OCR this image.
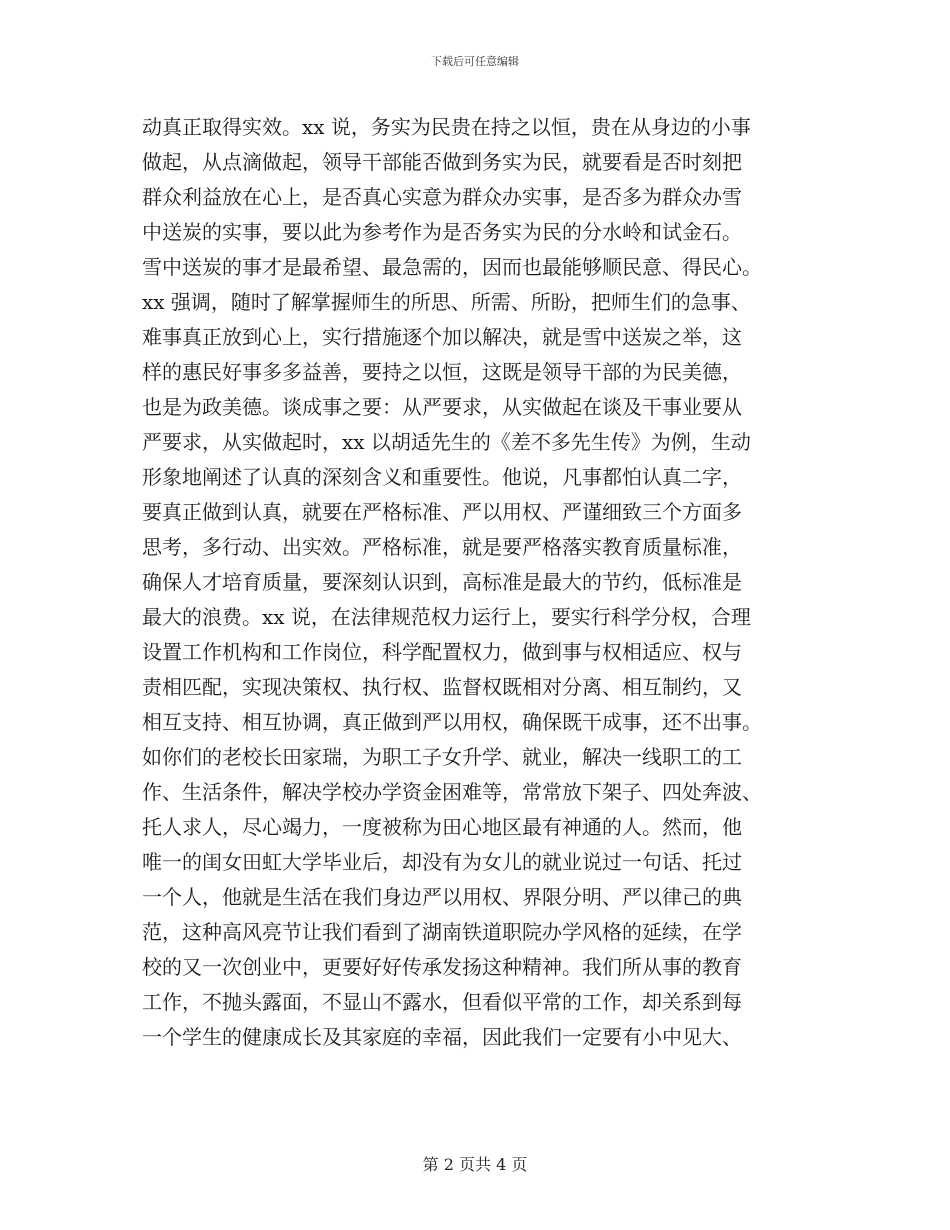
下载后可任意编辑
动真正取得实效。xx 说，务实为民贵在持之以恒，贵在从身边的小事
做起，从点滴做起，领导干部能否做到务实为民，就要看是否时刻把
群众利益放在心上，是否真心实意为群众办实事，是否多为群众办雪
中送炭的实事，要以此为参考作为是否务实为民的分水岭和试金石。
雪中送炭的事才是最希望、最急需的，因而也最能够顺民意、得民心。
xx 强调，随时了解掌握师生的所思、所需、所盼，把师生们的急事、
难事真正放到心上，实行措施逐个加以解决，就是雪中送炭之举，这
样的惠民好事多多益善，要持之以恒，这既是领导干部的为民美德，
也是为政美德。谈成事之要：从严要求，从实做起在谈及干事业要从
严要求，从实做起时，xx 以胡适先生的《差不多先生传》为例，生动
形象地阐述了认真的深刻含义和重要性。他说，凡事都怕认真二字，
要真正做到认真，就要在严格标准、严以用权、严谨细致三个方面多
思考，多行动、出实效。严格标准，就是要严格落实教育质量标准，
确保人才培育质量，要深刻认识到，高标准是最大的节约，低标准是
最大的浪费。xx 说，在法律规范权力运行上，要实行科学分权，合理
设置工作机构和工作岗位，科学配置权力，做到事与权相适应、权与
责相匹配，实现决策权、执行权、监督权既相对分离、相互制约，又
相互支持、相互协调，真正做到严以用权，确保既干成事，还不出事。
如你们的老校长田家瑞，为职工子女升学、就业，解决一线职工的工
作、生活条件，解决学校办学资金困难等，常常放下架子、四处奔波、
托人求人，尽心竭力，一度被称为田心地区最有神通的人。然而，他
唯一的闺女田虹大学毕业后，却没有为女儿的就业说过一句话、托过
一个人，他就是生活在我们身边严以用权、界限分明、严以律己的典
范，这种高风亮节让我们看到了湖南铁道职院办学风格的延续，在学
校的又一次创业中，更要好好传承发扬这种精神。我们所从事的教育
工作，不抛头露面，不显山不露水，但看似平常的工作，却关系到每
一个学生的健康成长及其家庭的幸福，因此我们一定要有小中见大、
第 2 页共 4 页
